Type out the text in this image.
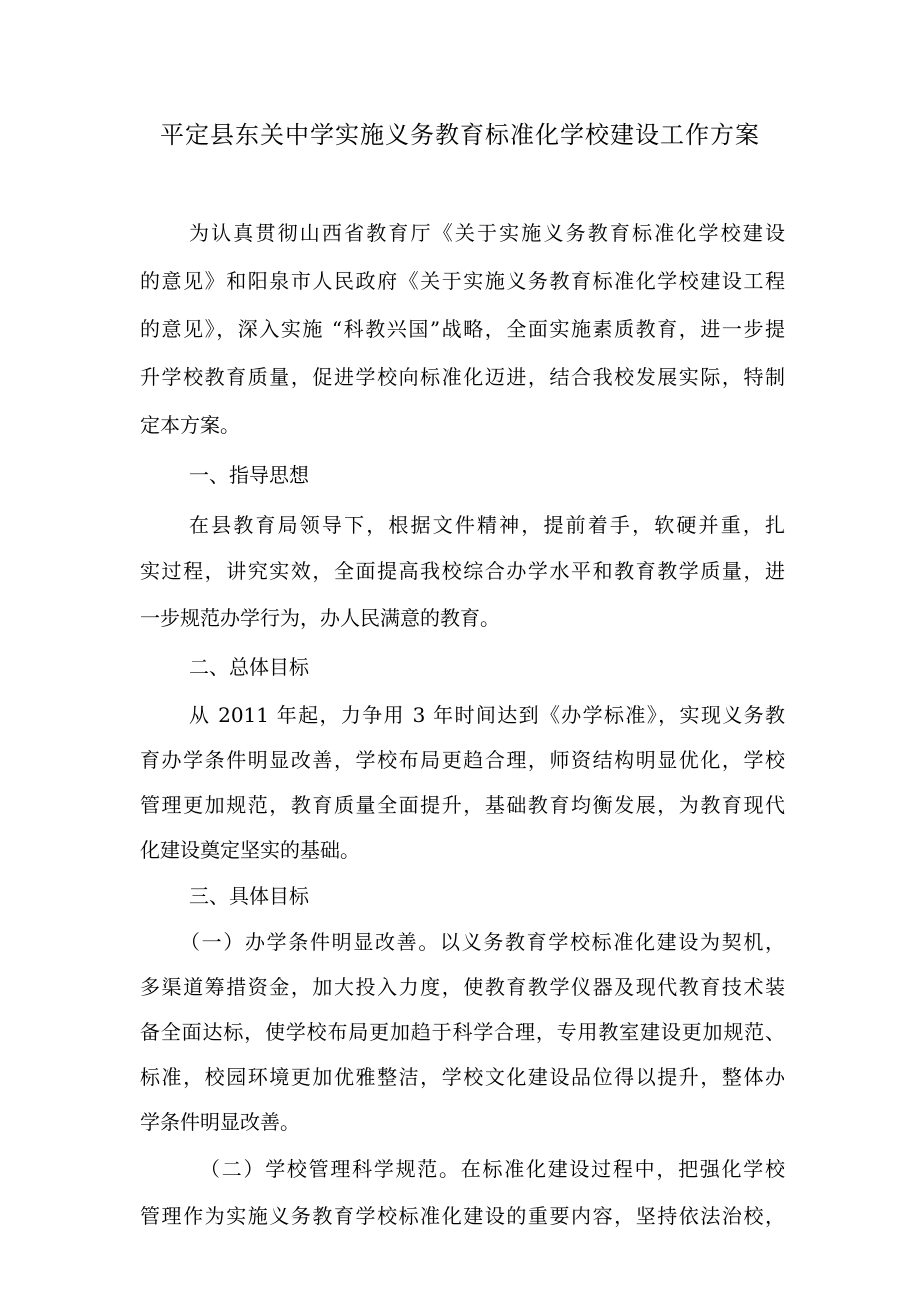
平定县东关中学实施义务教育标准化学校建设工作方案
为认真贯彻山西省教育厅《关于实施义务教育标准化学校建设
的意见》和阳泉市人民政府《关于实施义务教育标准化学校建设工程
的意见》，深入实施 “科教兴国”战略，全面实施素质教育，进一步提
升学校教育质量，促进学校向标准化迈进，结合我校发展实际，特制
定本方案。
一、指导思想
在县教育局领导下，根据文件精神，提前着手，软硬并重，扎
实过程，讲究实效，全面提高我校综合办学水平和教育教学质量，进
一步规范办学行为，办人民满意的教育。
二、总体目标
从 2011 年起，力争用 3 年时间达到《办学标准》，实现义务教
育办学条件明显改善，学校布局更趋合理，师资结构明显优化，学校
管理更加规范，教育质量全面提升，基础教育均衡发展，为教育现代
化建设奠定坚实的基础。
三、具体目标
（一）办学条件明显改善。以义务教育学校标准化建设为契机，
多渠道筹措资金，加大投入力度，使教育教学仪器及现代教育技术装
备全面达标，使学校布局更加趋于科学合理，专用教室建设更加规范、
标准，校园环境更加优雅整洁，学校文化建设品位得以提升，整体办
学条件明显改善。
（二）学校管理科学规范。在标准化建设过程中，把强化学校
管理作为实施义务教育学校标准化建设的重要内容，坚持依法治校，
